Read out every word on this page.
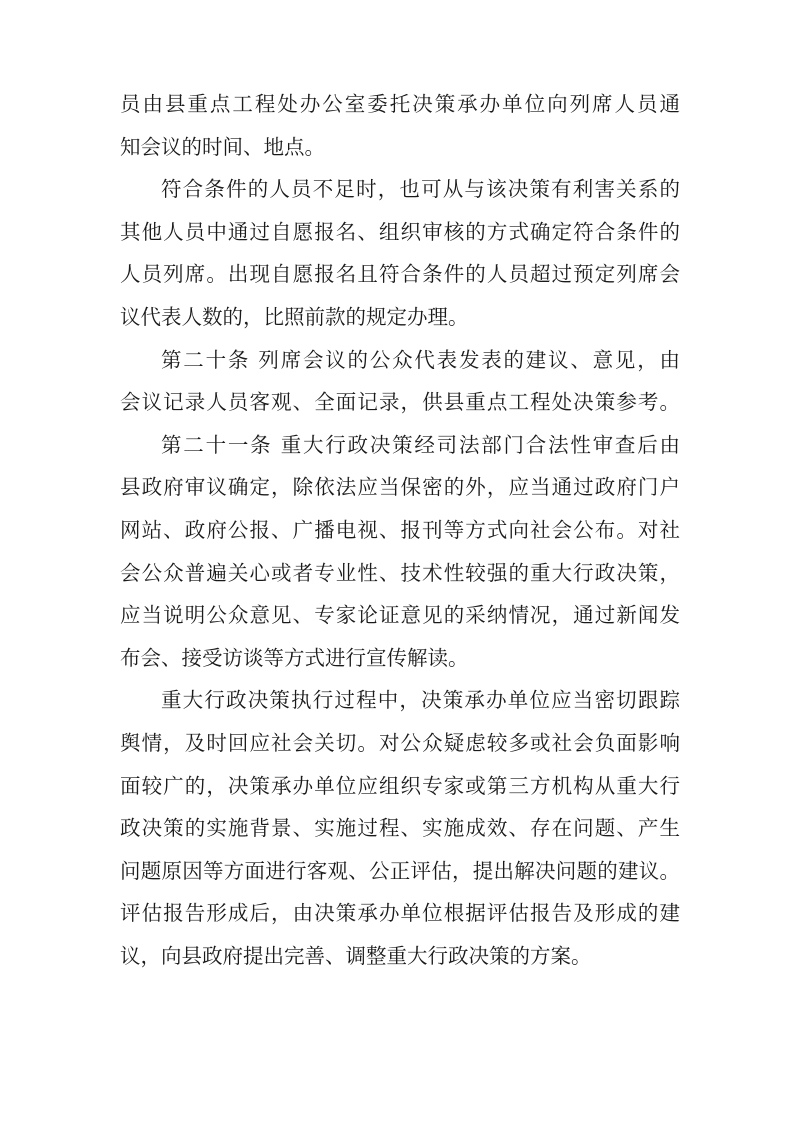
员由县重点工程处办公室委托决策承办单位向列席人员通
知会议的时间、地点。
符合条件的人员不足时，也可从与该决策有利害关系的
其他人员中通过自愿报名、组织审核的方式确定符合条件的
人员列席。出现自愿报名且符合条件的人员超过预定列席会
议代表人数的，比照前款的规定办理。
第二十条 列席会议的公众代表发表的建议、意见，由
会议记录人员客观、全面记录，供县重点工程处决策参考。
第二十一条 重大行政决策经司法部门合法性审查后由
县政府审议确定，除依法应当保密的外，应当通过政府门户
网站、政府公报、广播电视、报刊等方式向社会公布。对社
会公众普遍关心或者专业性、技术性较强的重大行政决策，
应当说明公众意见、专家论证意见的采纳情况，通过新闻发
布会、接受访谈等方式进行宣传解读。
重大行政决策执行过程中，决策承办单位应当密切跟踪
舆情，及时回应社会关切。对公众疑虑较多或社会负面影响
面较广的，决策承办单位应组织专家或第三方机构从重大行
政决策的实施背景、实施过程、实施成效、存在问题、产生
问题原因等方面进行客观、公正评估，提出解决问题的建议。
评估报告形成后，由决策承办单位根据评估报告及形成的建
议，向县政府提出完善、调整重大行政决策的方案。
